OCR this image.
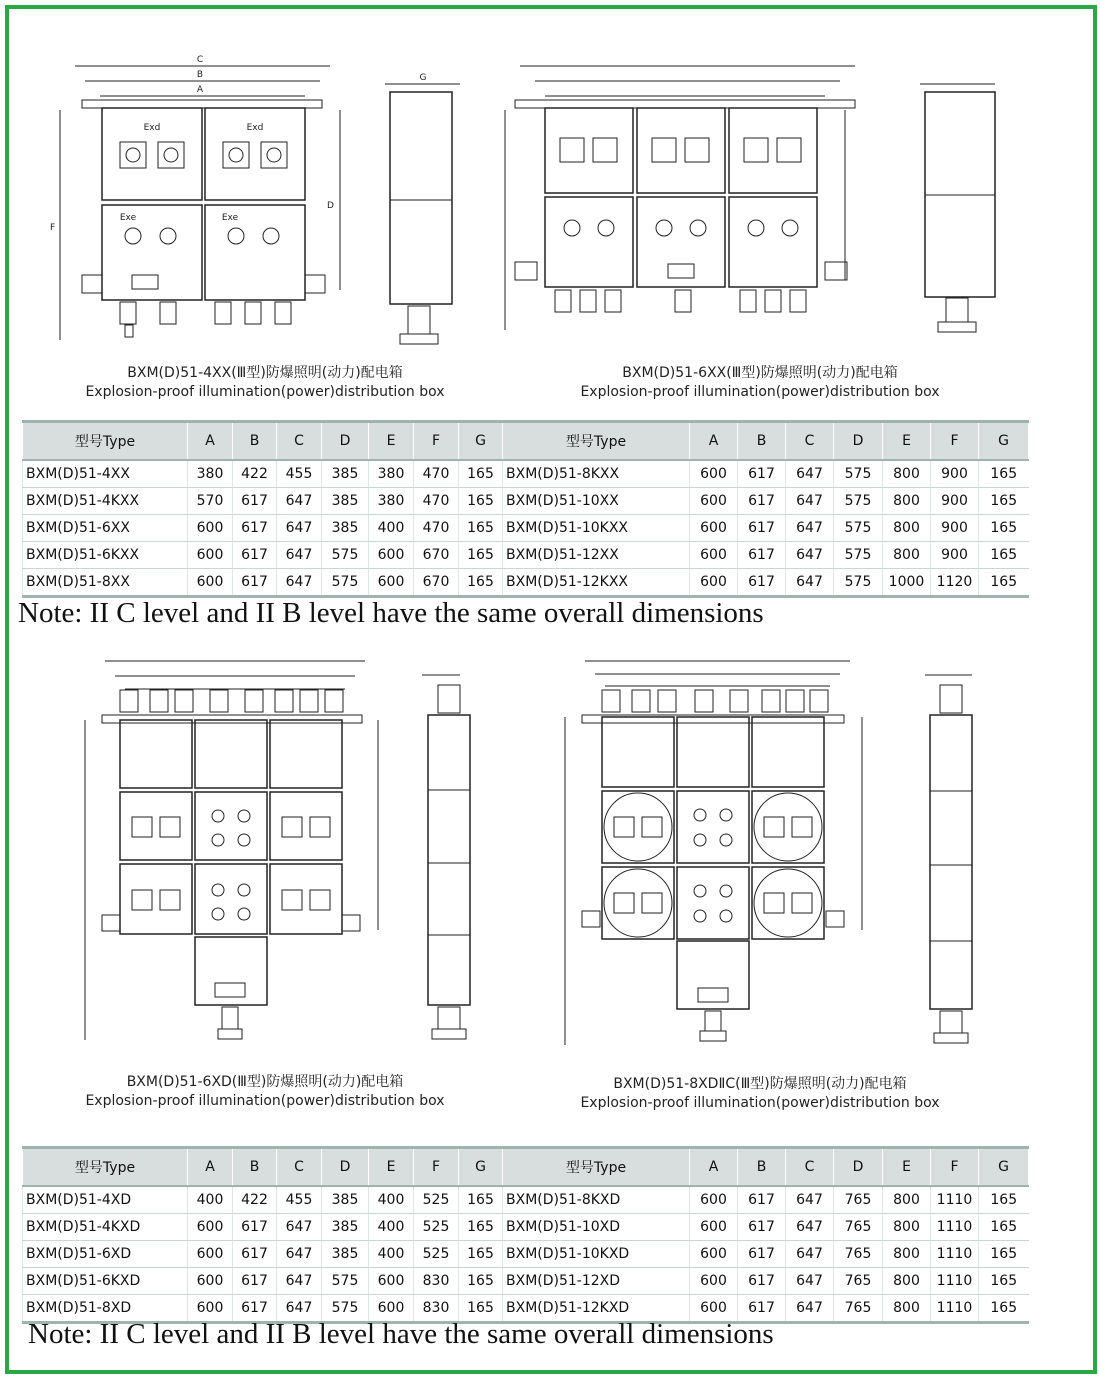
C
B
A
Exd	Exd
Exe	Exe
F
D
G
BXM(D)51-4XX(Ⅲ型)防爆照明(动力)配电箱
Explosion-proof illumination(power)distribution box
BXM(D)51-6XX(Ⅲ型)防爆照明(动力)配电箱
Explosion-proof illumination(power)distribution box
型号Type	A	B	C	D	E	F	G	型号Type	A	B	C	D	E	F	G
BXM(D)51-4XX	380	422	455	385	380	470	165	BXM(D)51-8KXX	600	617	647	575	800	900	165
BXM(D)51-4KXX	570	617	647	385	380	470	165	BXM(D)51-10XX	600	617	647	575	800	900	165
BXM(D)51-6XX	600	617	647	385	400	470	165	BXM(D)51-10KXX	600	617	647	575	800	900	165
BXM(D)51-6KXX	600	617	647	575	600	670	165	BXM(D)51-12XX	600	617	647	575	800	900	165
BXM(D)51-8XX	600	617	647	575	600	670	165	BXM(D)51-12KXX	600	617	647	575	1000	1120	165
Note: II C level and II B level have the same overall dimensions
BXM(D)51-6XD(Ⅲ型)防爆照明(动力)配电箱
Explosion-proof illumination(power)distribution box
BXM(D)51-8XDⅡC(Ⅲ型)防爆照明(动力)配电箱
Explosion-proof illumination(power)distribution box
型号Type	A	B	C	D	E	F	G	型号Type	A	B	C	D	E	F	G
BXM(D)51-4XD	400	422	455	385	400	525	165	BXM(D)51-8KXD	600	617	647	765	800	1110	165
BXM(D)51-4KXD	600	617	647	385	400	525	165	BXM(D)51-10XD	600	617	647	765	800	1110	165
BXM(D)51-6XD	600	617	647	385	400	525	165	BXM(D)51-10KXD	600	617	647	765	800	1110	165
BXM(D)51-6KXD	600	617	647	575	600	830	165	BXM(D)51-12XD	600	617	647	765	800	1110	165
BXM(D)51-8XD	600	617	647	575	600	830	165	BXM(D)51-12KXD	600	617	647	765	800	1110	165
Note: II C level and II B level have the same overall dimensions
